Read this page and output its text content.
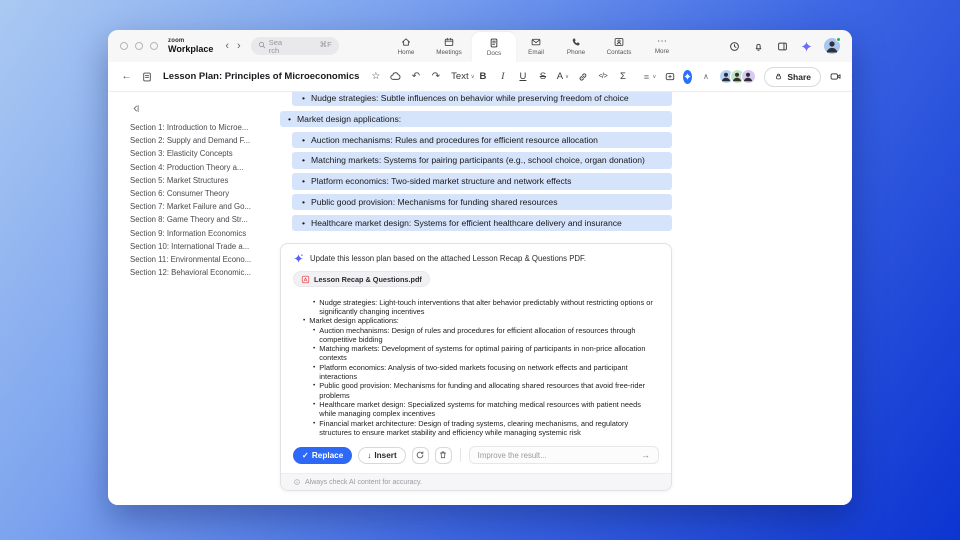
zoom
Workplace
‹
›
Search
⌘F
Home	Meetings	Docs	Email	Phone	Contacts
⋯	More
←
Lesson Plan: Principles of Microeconomics ☆ ↶ ↷	Text ∨	B	I	U	S	A ∨ </>	Σ ∨ ∧	Share
Section 1: Introduction to Microe...
Section 2: Supply and Demand F...
Section 3: Elasticity Concepts
Section 4: Production Theory a...
Section 5: Market Structures
Section 6: Consumer Theory
Section 7: Market Failure and Go...
Section 8: Game Theory and Str...
Section 9: Information Economics
Section 10: International Trade a...
Section 11: Environmental Econo...
Section 12: Behavioral Economic...
•
Nudge strategies: Subtle influences on behavior while preserving freedom of choice
•
Market design applications:
•
Auction mechanisms: Rules and procedures for efficient resource allocation
•
Matching markets: Systems for pairing participants (e.g., school choice, organ donation)
•
Platform economics: Two-sided market structure and network effects
•
Public good provision: Mechanisms for funding shared resources
•
Healthcare market design: Systems for efficient healthcare delivery and insurance
Update this lesson plan based on the attached Lesson Recap & Questions PDF.
Lesson Recap & Questions.pdf
•
Nudge strategies: Light-touch interventions that alter behavior predictably without restricting options or significantly changing incentives
•
Market design applications:
•
Auction mechanisms: Design of rules and procedures for efficient allocation of resources through competitive bidding
•
Matching markets: Development of systems for optimal pairing of participants in non-price allocation contexts
•
Platform economics: Analysis of two-sided markets focusing on network effects and participant interactions
•
Public good provision: Mechanisms for funding and allocating shared resources that avoid free-rider problems
•
Healthcare market design: Specialized systems for matching medical resources with patient needs while managing complex incentives
•
Financial market architecture: Design of trading systems, clearing mechanisms, and regulatory structures to ensure market stability and efficiency while managing systemic risk
✓
Replace ↓	Insert
Improve the result...
→
Always check AI content for accuracy.
